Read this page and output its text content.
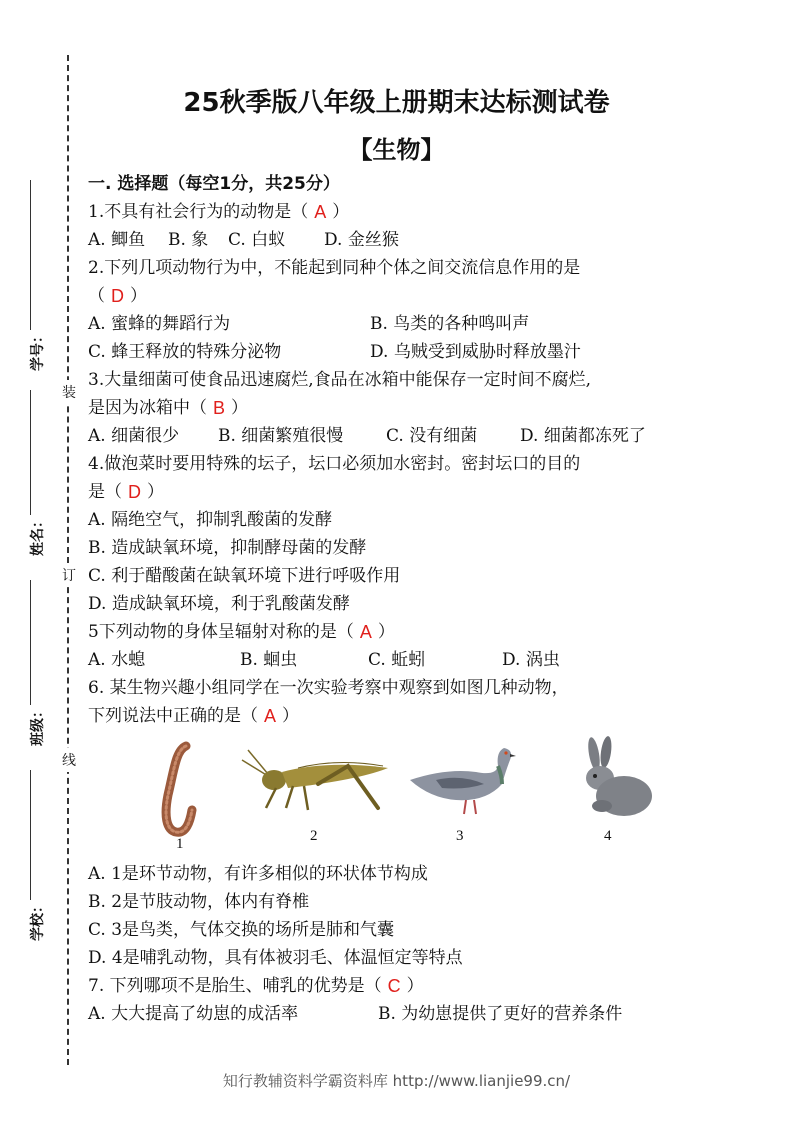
装
订
线
学号：
姓名：
班级：
学校：
25秋季版八年级上册期末达标测试卷
【生物】
一. 选择题（每空1分，共25分）
1.不具有社会行为的动物是（ A ）
A. 鲫鱼	B. 象	C. 白蚁	D. 金丝猴
2.下列几项动物行为中，不能起到同种个体之间交流信息作用的是
（ D ）
A. 蜜蜂的舞蹈行为	B. 鸟类的各种鸣叫声
C. 蜂王释放的特殊分泌物	D. 乌贼受到威胁时释放墨汁
3.大量细菌可使食品迅速腐烂,食品在冰箱中能保存一定时间不腐烂,
是因为冰箱中（ B ）
A. 细菌很少	B. 细菌繁殖很慢	C. 没有细菌	D. 细菌都冻死了
4.做泡菜时要用特殊的坛子，坛口必须加水密封。密封坛口的目的
是（ D ）
A. 隔绝空气，抑制乳酸菌的发酵
B. 造成缺氧环境，抑制酵母菌的发酵
C. 利于醋酸菌在缺氧环境下进行呼吸作用
D. 造成缺氧环境，利于乳酸菌发酵
5下列动物的身体呈辐射对称的是（ A ）
A. 水螅	B. 蛔虫	C. 蚯蚓	D. 涡虫
6. 某生物兴趣小组同学在一次实验考察中观察到如图几种动物，
下列说法中正确的是（ A ）
1	2	3	4
A. 1是环节动物，有许多相似的环状体节构成
B. 2是节肢动物，体内有脊椎
C. 3是鸟类，气体交换的场所是肺和气囊
D. 4是哺乳动物，具有体被羽毛、体温恒定等特点
7. 下列哪项不是胎生、哺乳的优势是（ C ）
A. 大大提高了幼崽的成活率	B. 为幼崽提供了更好的营养条件
知行教辅资料学霸资料库 http://www.lianjie99.cn/
